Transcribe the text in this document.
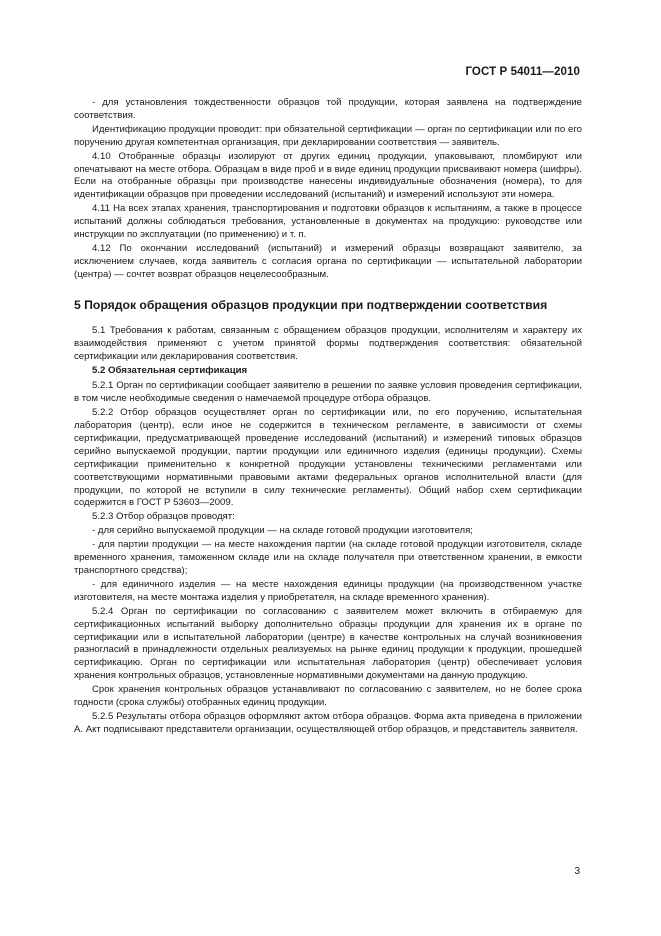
ГОСТ Р 54011—2010

- для установления тождественности образцов той продукции, которая заявлена на подтверждение соответствия.

Идентификацию продукции проводит: при обязательной сертификации — орган по сертификации или по его поручению другая компетентная организация, при декларировании соответствия — заявитель.

4.10 Отобранные образцы изолируют от других единиц продукции, упаковывают, пломбируют или опечатывают на месте отбора. Образцам в виде проб и в виде единиц продукции присваивают номера (шифры). Если на отобранные образцы при производстве нанесены индивидуальные обозначения (номера), то для идентификации образцов при проведении исследований (испытаний) и измерений используют эти номера.

4.11 На всех этапах хранения, транспортирования и подготовки образцов к испытаниям, а также в процессе испытаний должны соблюдаться требования, установленные в документах на продукцию: руководстве или инструкции по эксплуатации (по применению) и т. п.

4.12 По окончании исследований (испытаний) и измерений образцы возвращают заявителю, за исключением случаев, когда заявитель с согласия органа по сертификации — испытательной лаборатории (центра) — сочтет возврат образцов нецелесообразным.

5 Порядок обращения образцов продукции при подтверждении соответствия

5.1 Требования к работам, связанным с обращением образцов продукции, исполнителям и характеру их взаимодействия применяют с учетом принятой формы подтверждения соответствия: обязательной сертификации или декларирования соответствия.

5.2 Обязательная сертификация

5.2.1 Орган по сертификации сообщает заявителю в решении по заявке условия проведения сертификации, в том числе необходимые сведения о намечаемой процедуре отбора образцов.

5.2.2 Отбор образцов осуществляет орган по сертификации или, по его поручению, испытательная лаборатория (центр), если иное не содержится в техническом регламенте, в зависимости от схемы сертификации, предусматривающей проведение исследований (испытаний) и измерений типовых образцов серийно выпускаемой продукции, партии продукции или единичного изделия (единицы продукции). Схемы сертификации применительно к конкретной продукции установлены техническими регламентами или соответствующими нормативными правовыми актами федеральных органов исполнительной власти (для продукции, по которой не вступили в силу технические регламенты). Общий набор схем сертификации содержится в ГОСТ Р 53603—2009.

5.2.3 Отбор образцов проводят:

- для серийно выпускаемой продукции — на складе готовой продукции изготовителя;

- для партии продукции — на месте нахождения партии (на складе готовой продукции изготовителя, складе временного хранения, таможенном складе или на складе получателя при ответственном хранении, в емкости транспортного средства);

- для единичного изделия — на месте нахождения единицы продукции (на производственном участке изготовителя, на месте монтажа изделия у приобретателя, на складе временного хранения).

5.2.4 Орган по сертификации по согласованию с заявителем может включить в отбираемую для сертификационных испытаний выборку дополнительно образцы продукции для хранения их в органе по сертификации или в испытательной лаборатории (центре) в качестве контрольных на случай возникновения разногласий в принадлежности отдельных реализуемых на рынке единиц продукции к продукции, прошедшей сертификацию. Орган по сертификации или испытательная лаборатория (центр) обеспечивает условия хранения контрольных образцов, установленные нормативными документами на данную продукцию.

Срок хранения контрольных образцов устанавливают по согласованию с заявителем, но не более срока годности (срока службы) отобранных единиц продукции.

5.2.5 Результаты отбора образцов оформляют актом отбора образцов. Форма акта приведена в приложении А. Акт подписывают представители организации, осуществляющей отбор образцов, и представитель заявителя.

3
